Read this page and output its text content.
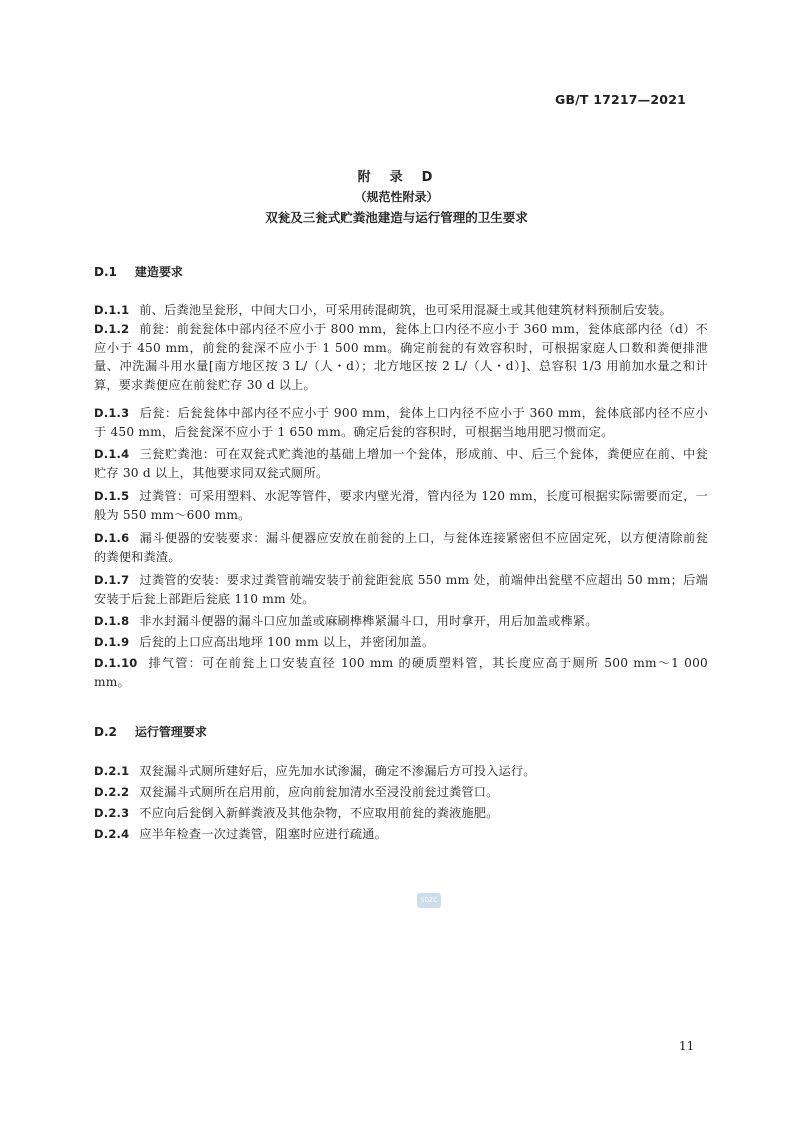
GB/T 17217—2021
附　录　D
（规范性附录）
双瓮及三瓮式贮粪池建造与运行管理的卫生要求
D.1 建造要求
D.1.1 前、后粪池呈瓮形，中间大口小，可采用砖混砌筑，也可采用混凝土或其他建筑材料预制后安装。
D.1.2 前瓮：前瓮瓮体中部内径不应小于 800 mm，瓮体上口内径不应小于 360 mm，瓮体底部内径（d）不应小于 450 mm，前瓮的瓮深不应小于 1 500 mm。确定前瓮的有效容积时，可根据家庭人口数和粪便排泄量、冲洗漏斗用水量[南方地区按 3 L/（人・d）；北方地区按 2 L/（人・d）]、总容积 1/3 用前加水量之和计算，要求粪便应在前瓮贮存 30 d 以上。
D.1.3 后瓮：后瓮瓮体中部内径不应小于 900 mm，瓮体上口内径不应小于 360 mm，瓮体底部内径不应小于 450 mm，后瓮瓮深不应小于 1 650 mm。确定后瓮的容积时，可根据当地用肥习惯而定。
D.1.4 三瓮贮粪池：可在双瓮式贮粪池的基础上增加一个瓮体，形成前、中、后三个瓮体，粪便应在前、中瓮贮存 30 d 以上，其他要求同双瓮式厕所。
D.1.5 过粪管：可采用塑料、水泥等管件，要求内壁光滑，管内径为 120 mm，长度可根据实际需要而定，一般为 550 mm～600 mm。
D.1.6 漏斗便器的安装要求：漏斗便器应安放在前瓮的上口，与瓮体连接紧密但不应固定死，以方便清除前瓮的粪便和粪渣。
D.1.7 过粪管的安装：要求过粪管前端安装于前瓮距瓮底 550 mm 处，前端伸出瓮壁不应超出 50 mm；后端安装于后瓮上部距后瓮底 110 mm 处。
D.1.8 非水封漏斗便器的漏斗口应加盖或麻刷榫榫紧漏斗口，用时拿开，用后加盖或榫紧。
D.1.9 后瓮的上口应高出地坪 100 mm 以上，并密闭加盖。
D.1.10 排气管：可在前瓮上口安装直径 100 mm 的硬质塑料管，其长度应高于厕所 500 mm～1 000 mm。
D.2 运行管理要求
D.2.1 双瓮漏斗式厕所建好后，应先加水试渗漏，确定不渗漏后方可投入运行。
D.2.2 双瓮漏斗式厕所在启用前，应向前瓮加清水至浸没前瓮过粪管口。
D.2.3 不应向后瓮倒入新鲜粪液及其他杂物，不应取用前瓮的粪液施肥。
D.2.4 应半年检查一次过粪管，阻塞时应进行疏通。
SDZC
11
